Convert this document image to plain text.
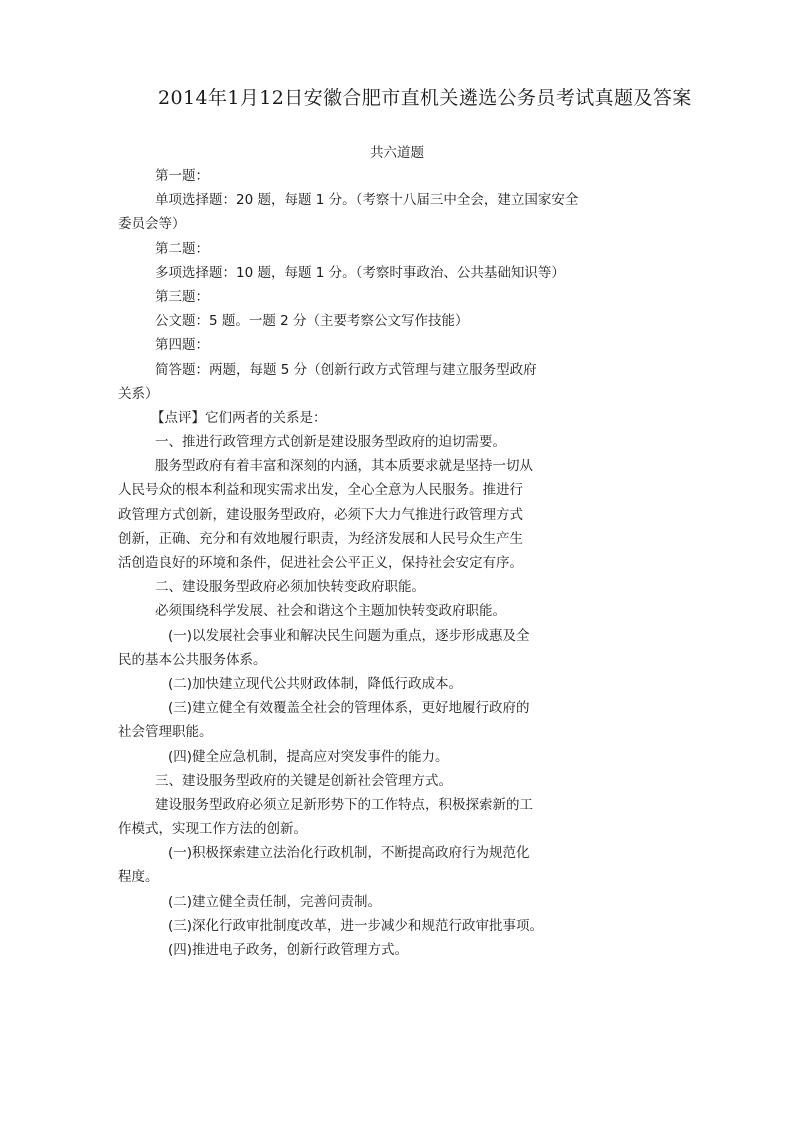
2014年1月12日安徽合肥市直机关遴选公务员考试真题及答案
共六道题
第一题：
单项选择题：20 题，每题 1 分。（考察十八届三中全会，建立国家安全
委员会等）
第二题：
多项选择题：10 题，每题 1 分。（考察时事政治、公共基础知识等）
第三题：
公文题：5 题。一题 2 分（主要考察公文写作技能）
第四题：
简答题：两题，每题 5 分（创新行政方式管理与建立服务型政府
关系）
【点评】它们两者的关系是：
一、推进行政管理方式创新是建设服务型政府的迫切需要。
服务型政府有着丰富和深刻的内涵，其本质要求就是坚持一切从
人民号众的根本利益和现实需求出发，全心全意为人民服务。推进行
政管理方式创新，建设服务型政府，必须下大力气推进行政管理方式
创新，正确、充分和有效地履行职责，为经济发展和人民号众生产生
活创造良好的环境和条件，促进社会公平正义，保持社会安定有序。
二、建设服务型政府必须加快转变政府职能。
必须围绕科学发展、社会和谐这个主题加快转变政府职能。
(一)以发展社会事业和解决民生问题为重点，逐步形成惠及全
民的基本公共服务体系。
(二)加快建立现代公共财政体制，降低行政成本。
(三)建立健全有效覆盖全社会的管理体系，更好地履行政府的
社会管理职能。
(四)健全应急机制，提高应对突发事件的能力。
三、建设服务型政府的关键是创新社会管理方式。
建设服务型政府必须立足新形势下的工作特点，积极探索新的工
作模式，实现工作方法的创新。
(一)积极探索建立法治化行政机制，不断提高政府行为规范化
程度。
(二)建立健全责任制，完善问责制。
(三)深化行政审批制度改革，进一步减少和规范行政审批事项。
(四)推进电子政务，创新行政管理方式。
